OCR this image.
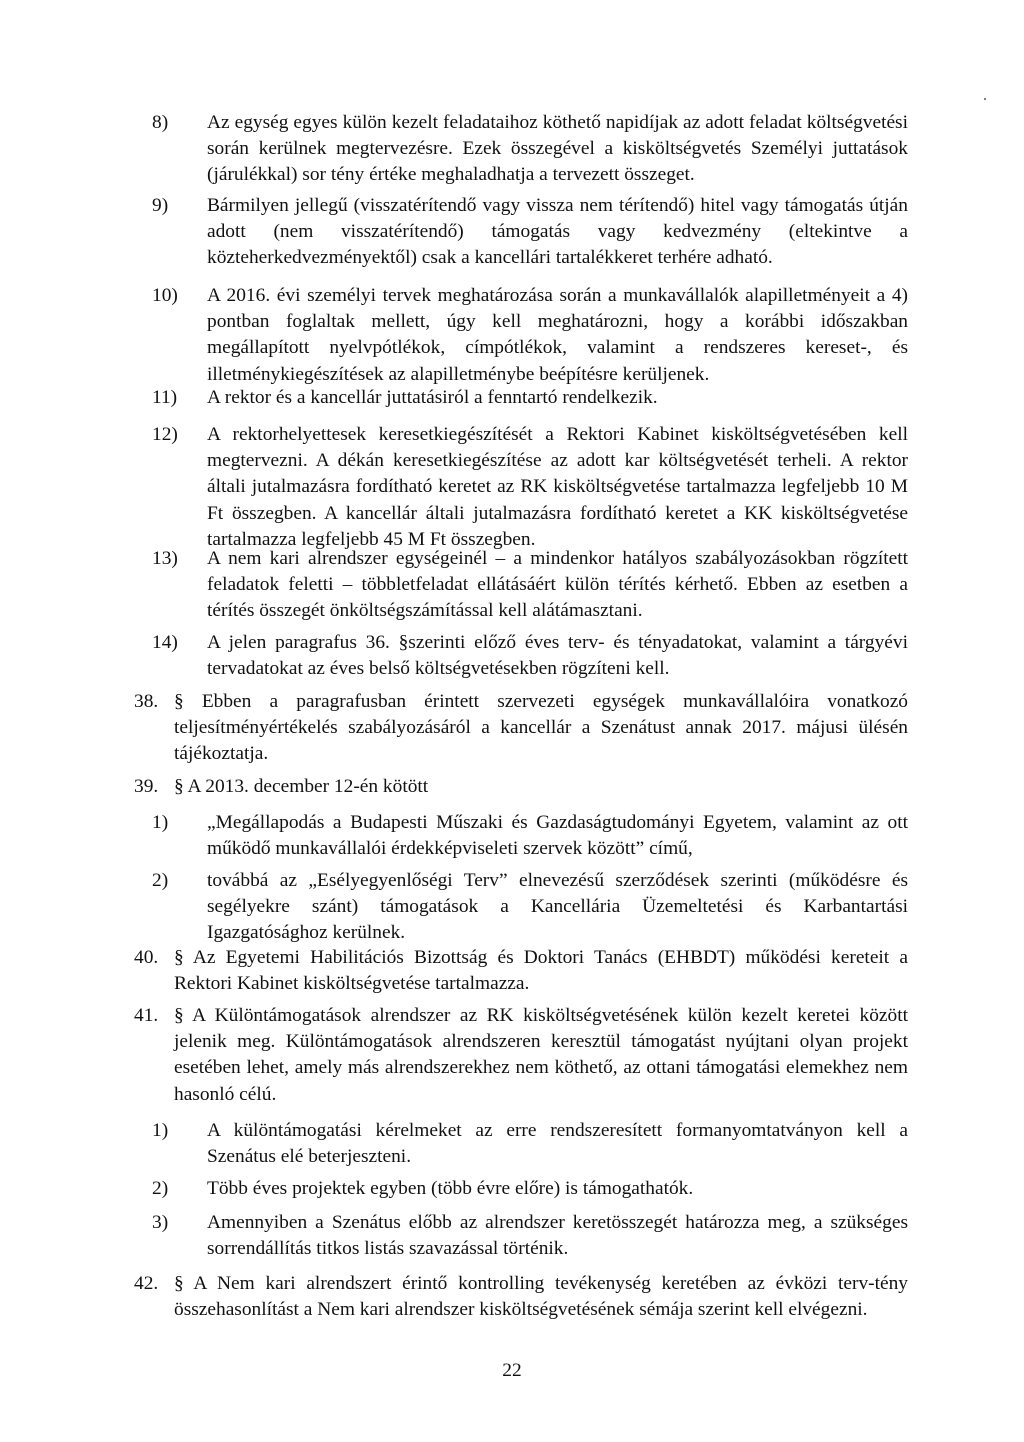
8) Az egység egyes külön kezelt feladataihoz köthető napidíjak az adott feladat költségvetési során kerülnek megtervezésre. Ezek összegével a kisköltségvetés Személyi juttatások (járulékkal) sor tény értéke meghaladhatja a tervezett összeget.
9) Bármilyen jellegű (visszatérítendő vagy vissza nem térítendő) hitel vagy támogatás útján adott (nem visszatérítendő) támogatás vagy kedvezmény (eltekintve a közteherkedvezményektől) csak a kancellári tartalékkeret terhére adható.
10) A 2016. évi személyi tervek meghatározása során a munkavállalók alapilletményeit a 4) pontban foglaltak mellett, úgy kell meghatározni, hogy a korábbi időszakban megállapított nyelvpótlékok, címpótlékok, valamint a rendszeres kereset-, és illetménykiegészítések az alapilletménybe beépítésre kerüljenek.
11) A rektor és a kancellár juttatásiról a fenntartó rendelkezik.
12) A rektorhelyettesek keresetkiegészítését a Rektori Kabinet kisköltségvetésében kell megtervezni. A dékán keresetkiegészítése az adott kar költségvetését terheli. A rektor általi jutalmazásra fordítható keretet az RK kisköltségvetése tartalmazza legfeljebb 10 M Ft összegben. A kancellár általi jutalmazásra fordítható keretet a KK kisköltségvetése tartalmazza legfeljebb 45 M Ft összegben.
13) A nem kari alrendszer egységeinél – a mindenkor hatályos szabályozásokban rögzített feladatok feletti – többletfeladat ellátásáért külön térítés kérhető. Ebben az esetben a térítés összegét önköltségszámítással kell alátámasztani.
14) A jelen paragrafus 36. §szerinti előző éves terv- és tényadatokat, valamint a tárgyévi tervadatokat az éves belső költségvetésekben rögzíteni kell.
38. § Ebben a paragrafusban érintett szervezeti egységek munkavállalóira vonatkozó teljesítményértékelés szabályozásáról a kancellár a Szenátust annak 2017. májusi ülésén tájékoztatja.
39. § A 2013. december 12-én kötött
1) „Megállapodás a Budapesti Műszaki és Gazdaságtudományi Egyetem, valamint az ott működő munkavállalói érdekképviseleti szervek között” című,
2) továbbá az „Esélyegyenlőségi Terv” elnevezésű szerződések szerinti (működésre és segélyekre szánt) támogatások a Kancellária Üzemeltetési és Karbantartási Igazgatósághoz kerülnek.
40. § Az Egyetemi Habilitációs Bizottság és Doktori Tanács (EHBDT) működési kereteit a Rektori Kabinet kisköltségvetése tartalmazza.
41. § A Különtámogatások alrendszer az RK kisköltségvetésének külön kezelt keretei között jelenik meg. Különtámogatások alrendszeren keresztül támogatást nyújtani olyan projekt esetében lehet, amely más alrendszerekhez nem köthető, az ottani támogatási elemekhez nem hasonló célú.
1) A különtámogatási kérelmeket az erre rendszeresített formanyomtatványon kell a Szenátus elé beterjeszteni.
2) Több éves projektek egyben (több évre előre) is támogathatók.
3) Amennyiben a Szenátus előbb az alrendszer keretösszegét határozza meg, a szükséges sorrendállítás titkos listás szavazással történik.
42. § A Nem kari alrendszert érintő kontrolling tevékenység keretében az évközi terv-tény összehasonlítást a Nem kari alrendszer kisköltségvetésének sémája szerint kell elvégezni.
22
